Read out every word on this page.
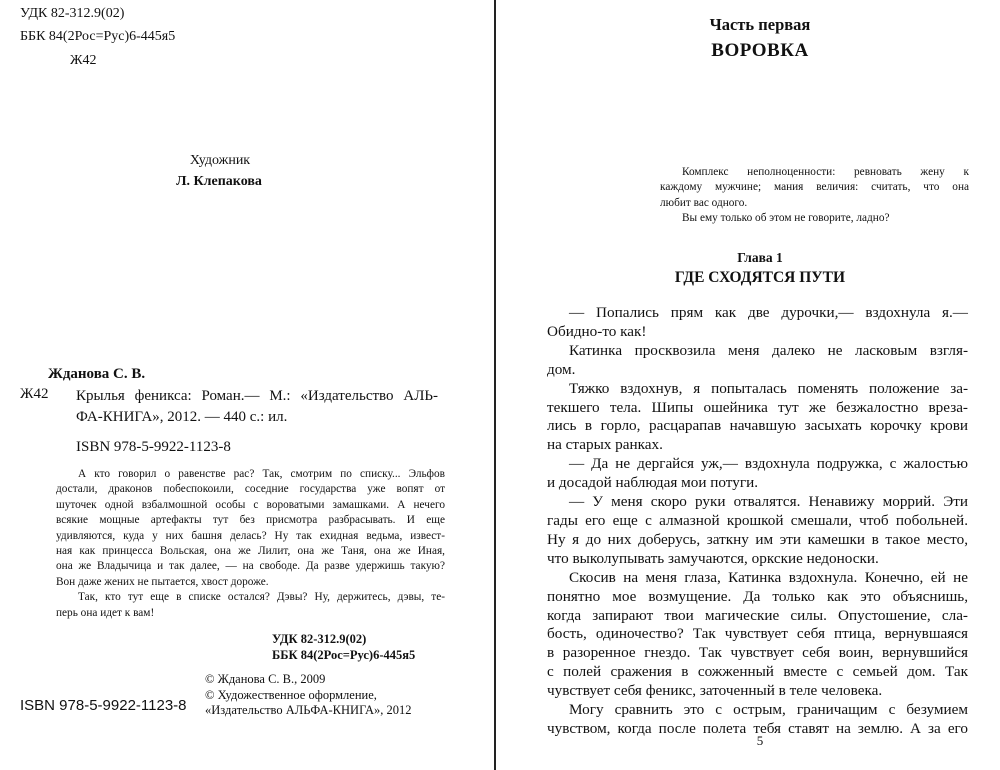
УДК 82-312.9(02)

ББК 84(2Рос=Рус)6-445я5

Ж42

Художник

Л. Клепакова

Жданова С. В.

Ж42 Крылья феникса: Роман.— М.: «Издательство АЛЬ-

ФА-КНИГА», 2012. — 440 с.: ил.

ISBN 978-5-9922-1123-8

А кто говорил о равенстве рас? Так, смотрим по списку... Эльфов

достали, драконов побеспокоили, соседние государства уже вопят от

шуточек одной взбалмошной особы с вороватыми замашками. А нечего

всякие мощные артефакты тут без присмотра разбрасывать. И еще

удивляются, куда у них башня делась? Ну так ехидная ведьма, извест-

ная как принцесса Вольская, она же Лилит, она же Таня, она же Иная,

она же Владычица и так далее, — на свободе. Да разве удержишь такую?

Вон даже жених не пытается, хвост дороже.

Так, кто тут еще в списке остался? Дэвы? Ну, держитесь, дэвы, те-

перь она идет к вам!

УДК 82-312.9(02)

ББК 84(2Рос=Рус)6-445я5

© Жданова С. В., 2009

© Художественное оформление,

«Издательство АЛЬФА-КНИГА», 2012

ISBN 978-5-9922-1123-8

Часть первая

ВОРОВКА

Комплекс неполноценности: ревновать жену к

каждому мужчине; мания величия: считать, что она

любит вас одного.

Вы ему только об этом не говорите, ладно?

Глава 1

ГДЕ СХОДЯТСЯ ПУТИ

— Попались прям как две дурочки,— вздохнула я.—

Обидно-то как!

Катинка просквозила меня далеко не ласковым взгля-

дом.

Тяжко вздохнув, я попыталась поменять положение за-

текшего тела. Шипы ошейника тут же безжалостно вреза-

лись в горло, расцарапав начавшую засыхать корочку крови

на старых ранках.

— Да не дергайся уж,— вздохнула подружка, с жалостью

и досадой наблюдая мои потуги.

— У меня скоро руки отвалятся. Ненавижу моррий. Эти

гады его еще с алмазной крошкой смешали, чтоб побольней.

Ну я до них доберусь, заткну им эти камешки в такое место,

что выколупывать замучаются, оркские недоноски.

Скосив на меня глаза, Катинка вздохнула. Конечно, ей не

понятно мое возмущение. Да только как это объяснишь,

когда запирают твои магические силы. Опустошение, сла-

бость, одиночество? Так чувствует себя птица, вернувшаяся

в разоренное гнездо. Так чувствует себя воин, вернувшийся

с полей сражения в сожженный вместе с семьей дом. Так

чувствует себя феникс, заточенный в теле человека.

Могу сравнить это с острым, граничащим с безумием

чувством, когда после полета тебя ставят на землю. А за его

5
